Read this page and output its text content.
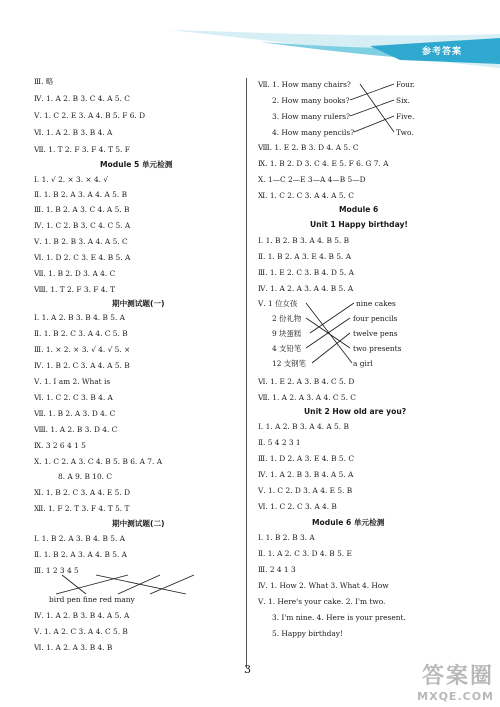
参考答案
Ⅲ. 略
Ⅳ. 1. A 2. B 3. C 4. A 5. C
Ⅴ. 1. C 2. E 3. A 4. B 5. F 6. D
Ⅵ. 1. A 2. B 3. B 4. A
Ⅶ. 1. T 2. F 3. F 4. T 5. F
Module 5 单元检测
Ⅰ. 1. √ 2. × 3. × 4. √
Ⅱ. 1. B 2. A 3. A 4. A 5. B
Ⅲ. 1. B 2. A 3. C 4. A 5. B
Ⅳ. 1. C 2. B 3. C 4. C 5. A
Ⅴ. 1. B 2. B 3. A 4. A 5. C
Ⅵ. 1. D 2. C 3. E 4. B 5. A
Ⅶ. 1. B 2. D 3. A 4. C
Ⅷ. 1. T 2. F 3. F 4. T
期中测试题(一)
Ⅰ. 1. A 2. B 3. B 4. B 5. A
Ⅱ. 1. B 2. C 3. A 4. C 5. B
Ⅲ. 1. × 2. × 3. √ 4. √ 5. ×
Ⅳ. 1. B 2. C 3. A 4. A 5. B
Ⅴ. 1. I am 2. What is
Ⅵ. 1. C 2. C 3. B 4. A
Ⅶ. 1. B 2. A 3. D 4. C
Ⅷ. 1. A 2. B 3. D 4. C
Ⅸ. 3 2 6 4 1 5
Ⅹ. 1. C 2. A 3. C 4. B 5. B 6. A 7. A
8. A 9. B 10. C
Ⅺ. 1. B 2. C 3. A 4. E 5. D
Ⅻ. 1. F 2. T 3. F 4. T 5. T
期中测试题(二)
Ⅰ. 1. B 2. A 3. B 4. B 5. A
Ⅱ. 1. B 2. A 3. A 4. B 5. A
Ⅲ. 1 2 3 4 5
bird pen fine red many
Ⅳ. 1. A 2. B 3. B 4. A 5. A
Ⅴ. 1. A 2. C 3. A 4. C 5. B
Ⅵ. 1. A 2. A 3. B 4. B
Ⅶ. 1. How many chairs?
2. How many books?
3. How many rulers?
4. How many pencils?
Four.
Six.
Five.
Two.
Ⅷ. 1. E 2. B 3. D 4. A 5. C
Ⅸ. 1. B 2. D 3. C 4. E 5. F 6. G 7. A
Ⅹ. 1—C 2—E 3—A 4—B 5—D
Ⅺ. 1. C 2. C 3. A 4. A 5. C
Module 6
Unit 1 Happy birthday!
Ⅰ. 1. B 2. B 3. A 4. B 5. B
Ⅱ. 1. B 2. A 3. E 4. B 5. A
Ⅲ. 1. E 2. C 3. B 4. D 5. A
Ⅳ. 1. A 2. A 3. A 4. B 5. A
Ⅴ. 1 位女孩
2 份礼物
9 块蛋糕
4 支铅笔
12 支钢笔
nine cakes
four pencils
twelve pens
two presents
a girl
Ⅵ. 1. E 2. A 3. B 4. C 5. D
Ⅶ. 1. A 2. A 3. A 4. C 5. C
Unit 2 How old are you?
Ⅰ. 1. A 2. B 3. A 4. A 5. B
Ⅱ. 5 4 2 3 1
Ⅲ. 1. D 2. A 3. E 4. B 5. C
Ⅳ. 1. A 2. B 3. B 4. A 5. A
Ⅴ. 1. C 2. D 3. A 4. E 5. B
Ⅵ. 1. C 2. C 3. A 4. B
Module 6 单元检测
Ⅰ. 1. B 2. B 3. A
Ⅱ. 1. A 2. C 3. D 4. B 5. E
Ⅲ. 2 4 1 3
Ⅳ. 1. How 2. What 3. What 4. How
Ⅴ. 1. Here's your cake. 2. I'm two.
3. I'm nine. 4. Here is your present.
5. Happy birthday!
3	答案圈
MXQE.COM
